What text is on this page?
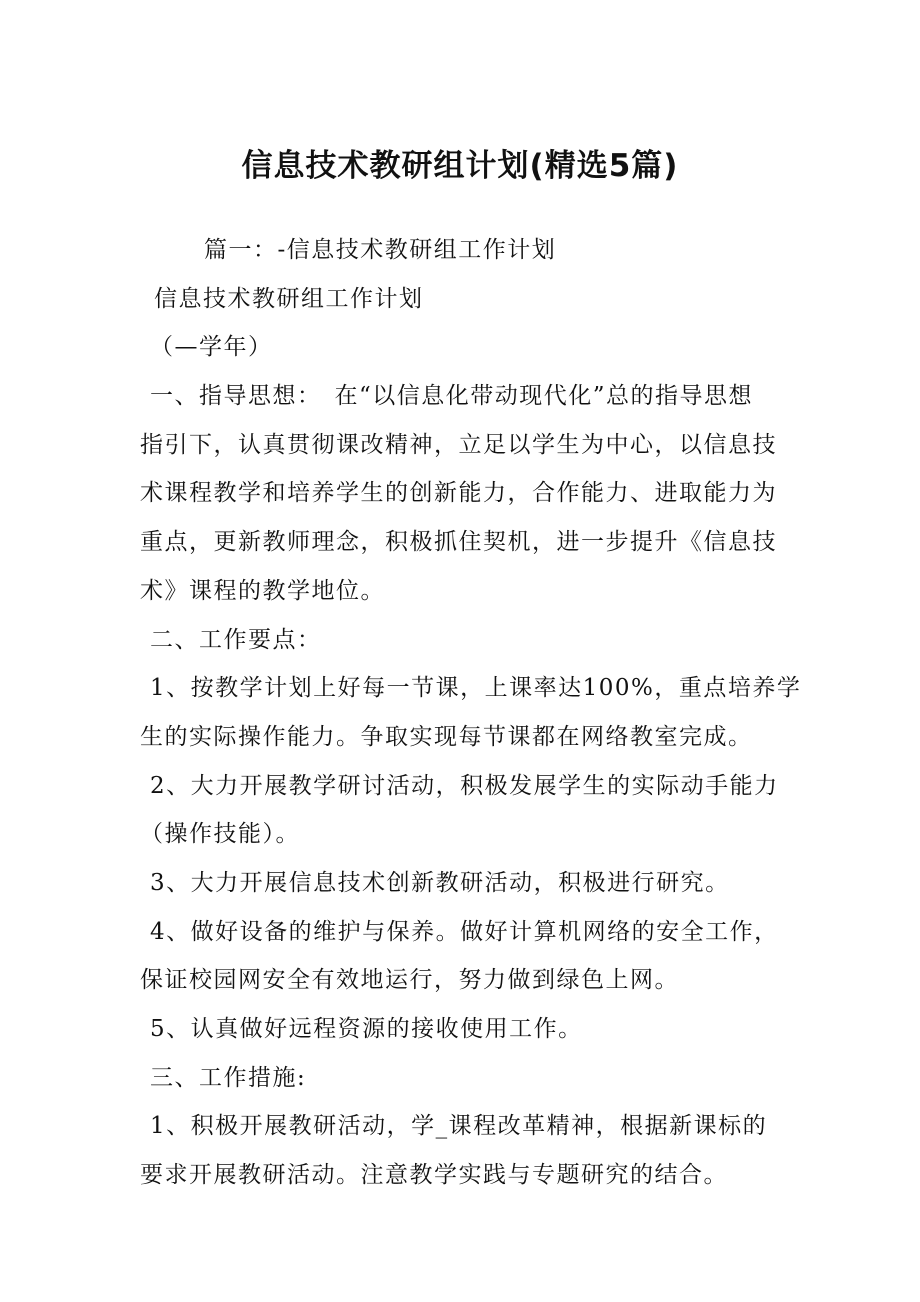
信息技术教研组计划(精选5篇)
篇一：-信息技术教研组工作计划
信息技术教研组工作计划
（—学年）
一、指导思想：　在“以信息化带动现代化”总的指导思想
指引下，认真贯彻课改精神，立足以学生为中心，以信息技
术课程教学和培养学生的创新能力，合作能力、进取能力为
重点，更新教师理念，积极抓住契机，进一步提升《信息技
术》课程的教学地位。
二、工作要点：
1、按教学计划上好每一节课，上课率达100%，重点培养学
生的实际操作能力。争取实现每节课都在网络教室完成。
2、大力开展教学研讨活动，积极发展学生的实际动手能力
（操作技能）。
3、大力开展信息技术创新教研活动，积极进行研究。
4、做好设备的维护与保养。做好计算机网络的安全工作，
保证校园网安全有效地运行，努力做到绿色上网。
5、认真做好远程资源的接收使用工作。
三、工作措施:
1、积极开展教研活动，学_课程改革精神，根据新课标的
要求开展教研活动。注意教学实践与专题研究的结合。
